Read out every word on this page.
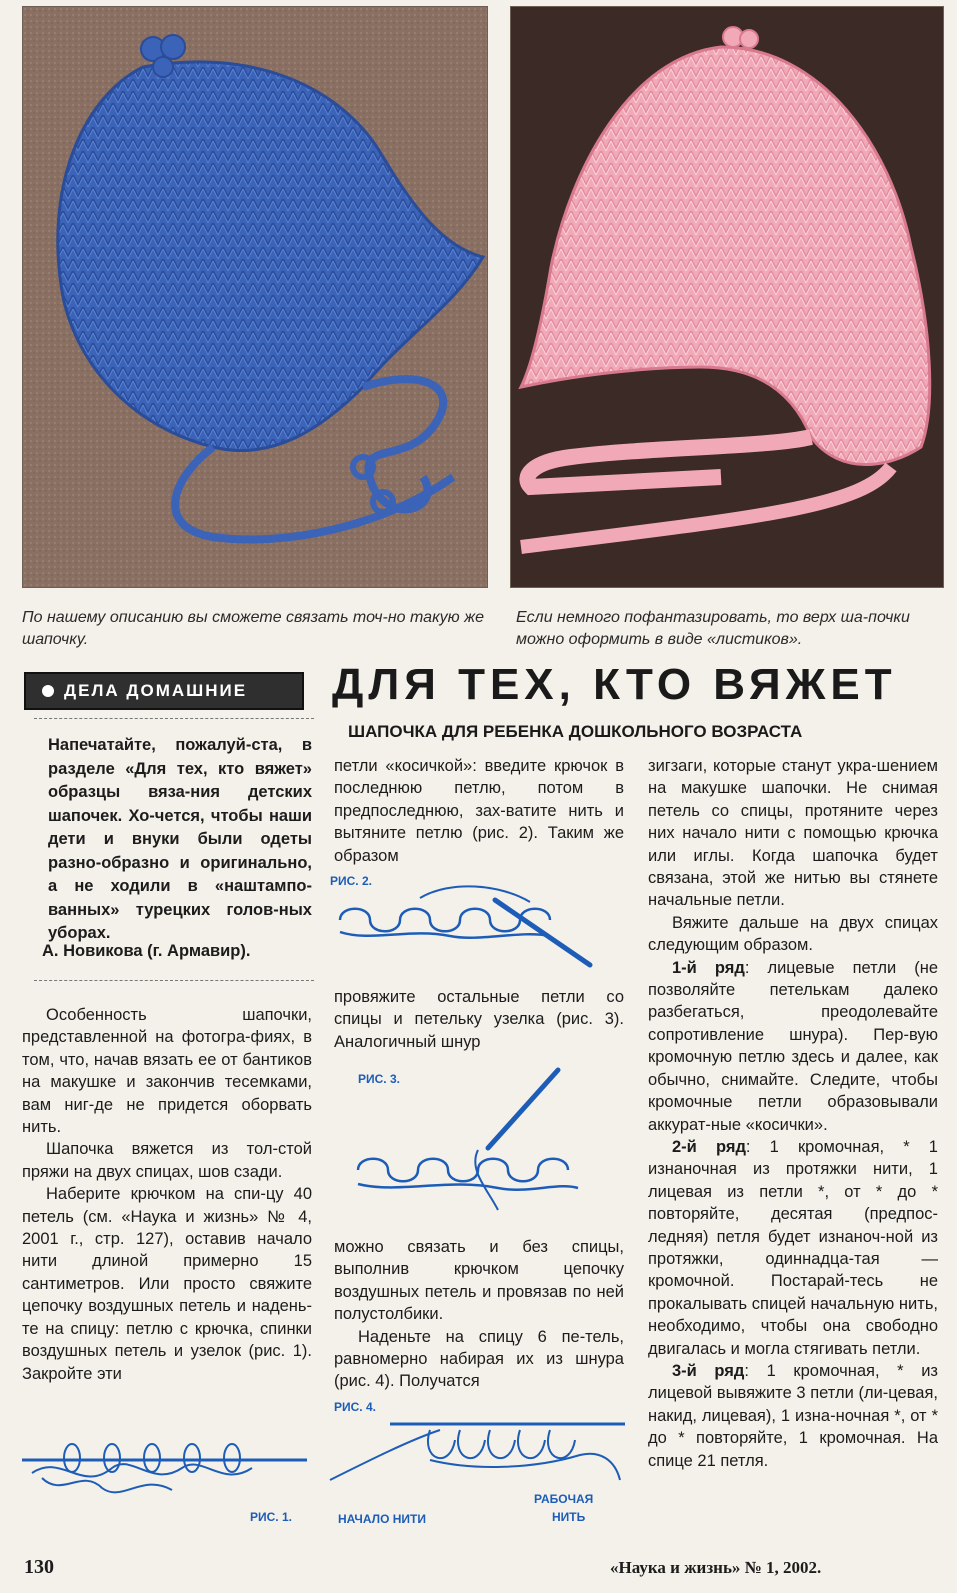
По нашему описанию вы сможете связать точ-но такую же шапочку.
Если немного пофантазировать, то верх ша-почки можно оформить в виде «листиков».
ДЕЛА ДОМАШНИЕ ДЛЯ ТЕХ, КТО ВЯЖЕТ
ШАПОЧКА ДЛЯ РЕБЕНКА ДОШКОЛЬНОГО ВОЗРАСТА
Напечатайте, пожалуй-ста, в разделе «Для тех, кто вяжет» образцы вяза-ния детских шапочек. Хо-чется, чтобы наши дети и внуки были одеты разно-образно и оригинально, а не ходили в «наштампо-ванных» турецких голов-ных уборах.
А. Новикова (г. Армавир).

Особенность шапочки, представленной на фотогра-фиях, в том, что, начав вязать ее от бантиков на макушке и закончив тесемками, вам ниг-де не придется оборвать нить.

Шапочка вяжется из тол-стой пряжи на двух спицах, шов сзади.

Наберите крючком на спи-цу 40 петель (см. «Наука и жизнь» № 4, 2001 г., стр. 127), оставив начало нити длиной примерно 15 сантиметров. Или просто свяжите цепочку воздушных петель и надень-те на спицу: петлю с крючка, спинки воздушных петель и узелок (рис. 1). Закройте эти

РИС. 1.

петли «косичкой»: введите крючок в последнюю петлю, потом в предпоследнюю, зах-ватите нить и вытяните петлю (рис. 2). Таким же образом

РИС. 2.

провяжите остальные петли со спицы и петельку узелка (рис. 3). Аналогичный шнур

РИС. 3.

можно связать и без спицы, выполнив крючком цепочку воздушных петель и провязав по ней полустолбики.

Наденьте на спицу 6 пе-тель, равномерно набирая их из шнура (рис. 4). Получатся

РИС. 4.
НАЧАЛО НИТИ
РАБОЧАЯ
НИТЬ

зигзаги, которые станут укра-шением на макушке шапочки. Не снимая петель со спицы, протяните через них начало нити с помощью крючка или иглы. Когда шапочка будет связана, этой же нитью вы стянете начальные петли.

Вяжите дальше на двух спицах следующим образом.

1-й ряд: лицевые петли (не позволяйте петелькам далеко разбегаться, преодолевайте сопротивление шнура). Пер-вую кромочную петлю здесь и далее, как обычно, снимайте. Следите, чтобы кромочные петли образовывали аккурат-ные «косички».

2-й ряд: 1 кромочная, * 1 изнаночная из протяжки нити, 1 лицевая из петли *, от * до * повторяйте, десятая (предпос-ледняя) петля будет изнаноч-ной из протяжки, одиннадца-тая — кромочной. Постарай-тесь не прокалывать спицей начальную нить, необходимо, чтобы она свободно двигалась и могла стягивать петли.

3-й ряд: 1 кромочная, * из лицевой вывяжите 3 петли (ли-цевая, накид, лицевая), 1 изна-ночная *, от * до * повторяйте, 1 кромочная. На спице 21 петля.

130	«Наука и жизнь» № 1, 2002.
